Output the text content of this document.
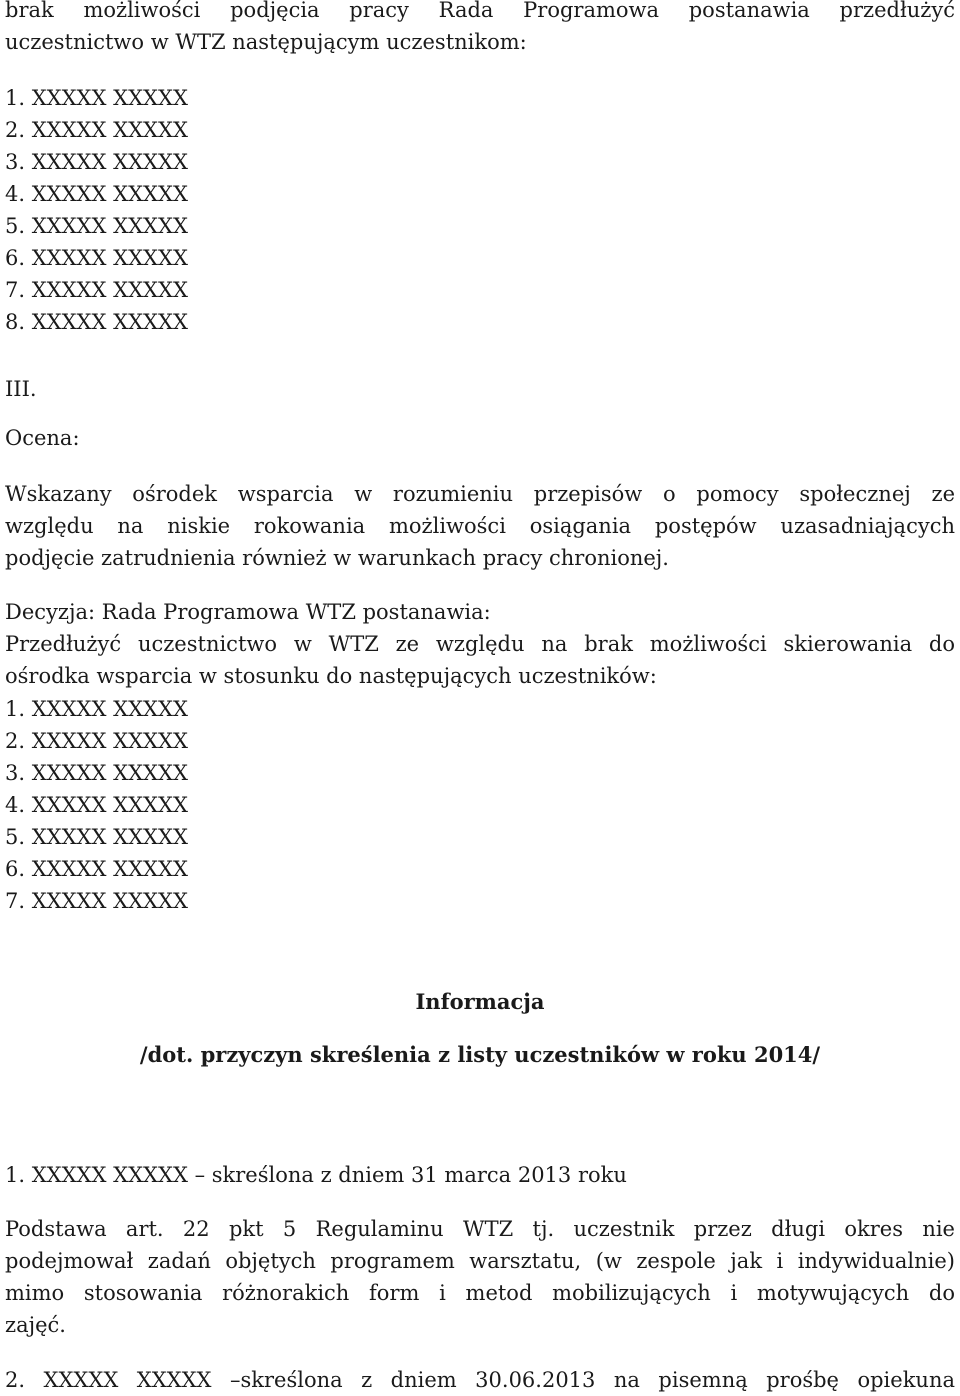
brak możliwości podjęcia pracy Rada Programowa postanawia przedłużyć

uczestnictwo w WTZ następującym uczestnikom:

1. XXXXX XXXXX

2. XXXXX XXXXX

3. XXXXX XXXXX

4. XXXXX XXXXX

5. XXXXX XXXXX

6. XXXXX XXXXX

7. XXXXX XXXXX

8. XXXXX XXXXX

III.

Ocena:

Wskazany ośrodek wsparcia w rozumieniu przepisów o pomocy społecznej ze

względu na niskie rokowania możliwości osiągania postępów uzasadniających

podjęcie zatrudnienia również w warunkach pracy chronionej.

Decyzja: Rada Programowa WTZ postanawia:

Przedłużyć uczestnictwo w WTZ ze względu na brak możliwości skierowania do

ośrodka wsparcia w stosunku do następujących uczestników:

1. XXXXX XXXXX

2. XXXXX XXXXX

3. XXXXX XXXXX

4. XXXXX XXXXX

5. XXXXX XXXXX

6. XXXXX XXXXX

7. XXXXX XXXXX

Informacja

/dot. przyczyn skreślenia z listy uczestników w roku 2014/

1. XXXXX XXXXX – skreślona z dniem 31 marca 2013 roku

Podstawa art. 22 pkt 5 Regulaminu WTZ tj. uczestnik przez długi okres nie

podejmował zadań objętych programem warsztatu, (w zespole jak i indywidualnie)

mimo stosowania różnorakich form i metod mobilizujących i motywujących do

zajęć.

2. XXXXX XXXXX –skreślona z dniem 30.06.2013 na pisemną prośbę opiekuna
